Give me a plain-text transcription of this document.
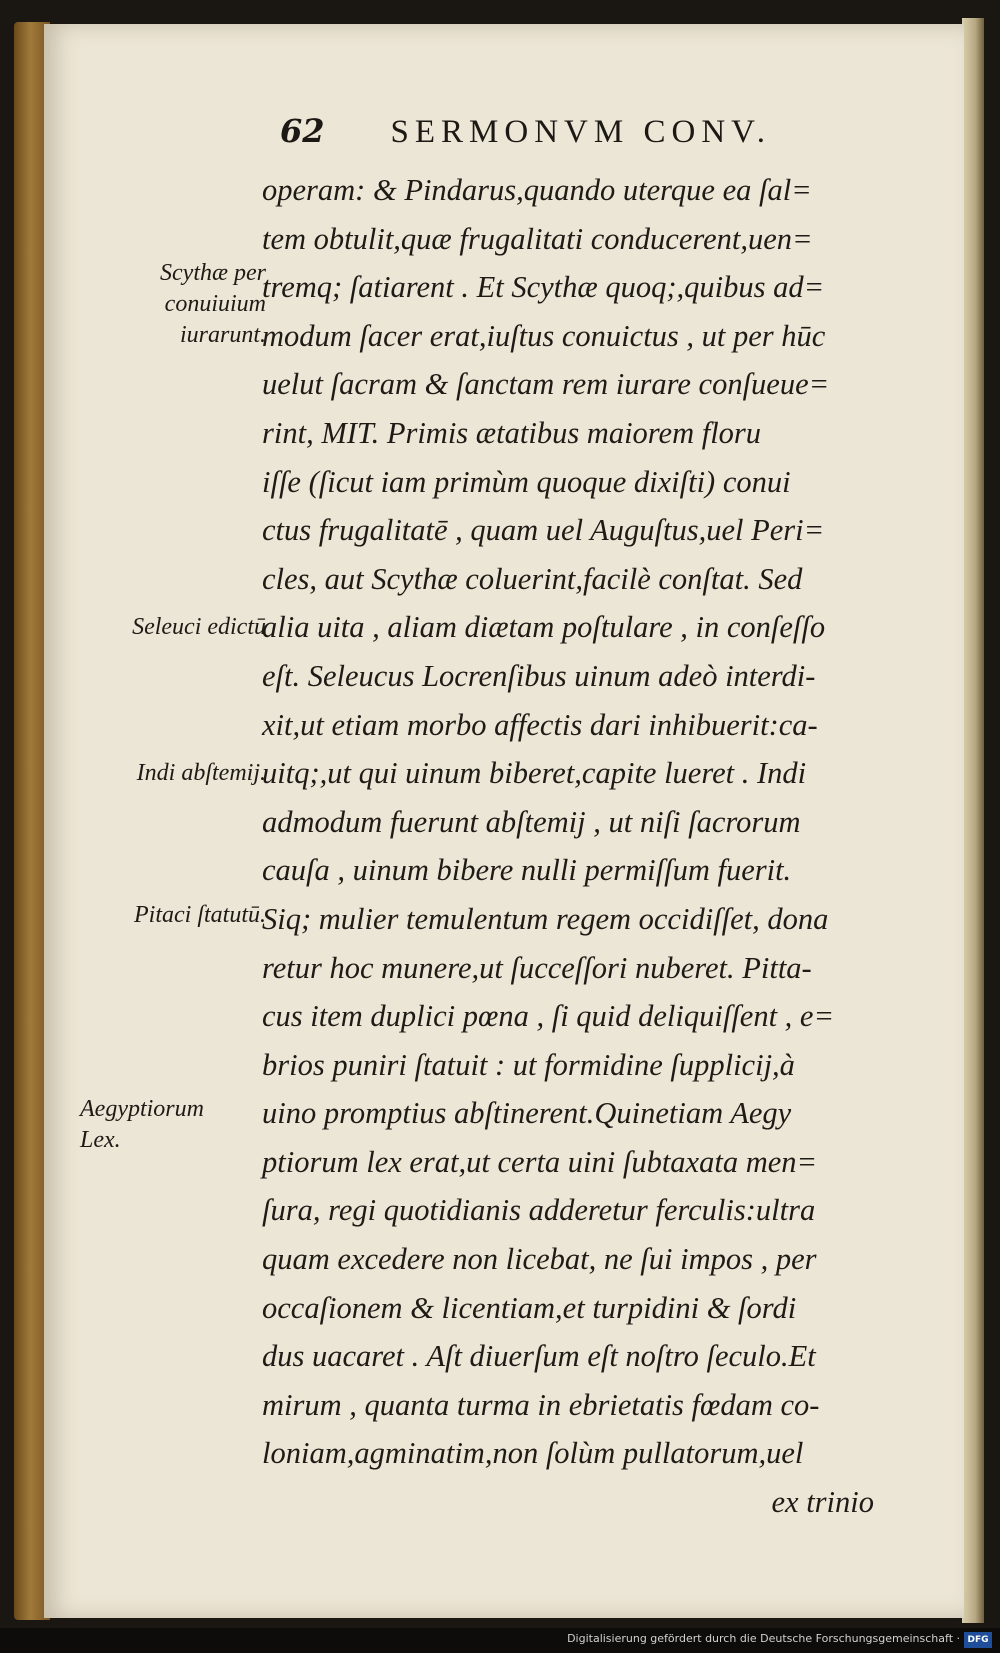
62 SERMONVM CONV.
operam: & Pindarus,quando uterque ea ſal=
tem obtulit,quæ frugalitati conducerent,uen=
tremq; ſatiarent . Et Scythæ quoq;,quibus ad=
modum ſacer erat,iuſtus conuictus , ut per hūc
uelut ſacram & ſanctam rem iurare conſueue=
rint, MIT. Primis ætatibus maiorem floru
iſſe (ſicut iam primùm quoque dixiſti) conui
ctus frugalitatē , quam uel Auguſtus,uel Peri=
cles, aut Scythæ coluerint,facilè conſtat. Sed
alia uita , aliam diætam poſtulare , in conſeſſo
eſt. Seleucus Locrenſibus uinum adeò interdi-
xit,ut etiam morbo affectis dari inhibuerit:ca-
uitq;,ut qui uinum biberet,capite lueret . Indi
admodum fuerunt abſtemij , ut niſi ſacrorum
cauſa , uinum bibere nulli permiſſum fuerit.
Siq; mulier temulentum regem occidiſſet, dona
retur hoc munere,ut ſucceſſori nuberet. Pitta-
cus item duplici pœna , ſi quid deliquiſſent , e=
brios puniri ſtatuit : ut formidine ſupplicij,à
uino promptius abſtinerent.Quinetiam Aegy
ptiorum lex erat,ut certa uini ſubtaxata men=
ſura, regi quotidianis adderetur ferculis:ultra
quam excedere non licebat, ne ſui impos , per
occaſionem & licentiam,et turpidini & ſordi
dus uacaret . Aſt diuerſum eſt noſtro ſeculo.Et
mirum , quanta turma in ebrietatis fœdam co-
loniam,agminatim,non ſolùm pullatorum,uel
ex trinio
Scythæ per conuiuium iurarunt.
Seleuci edictū
Indi abſtemij.
Pitaci ſtatutū.
Aegyptiorum Lex.
Digitalisierung gefördert durch die Deutsche Forschungsgemeinschaft · DFG
